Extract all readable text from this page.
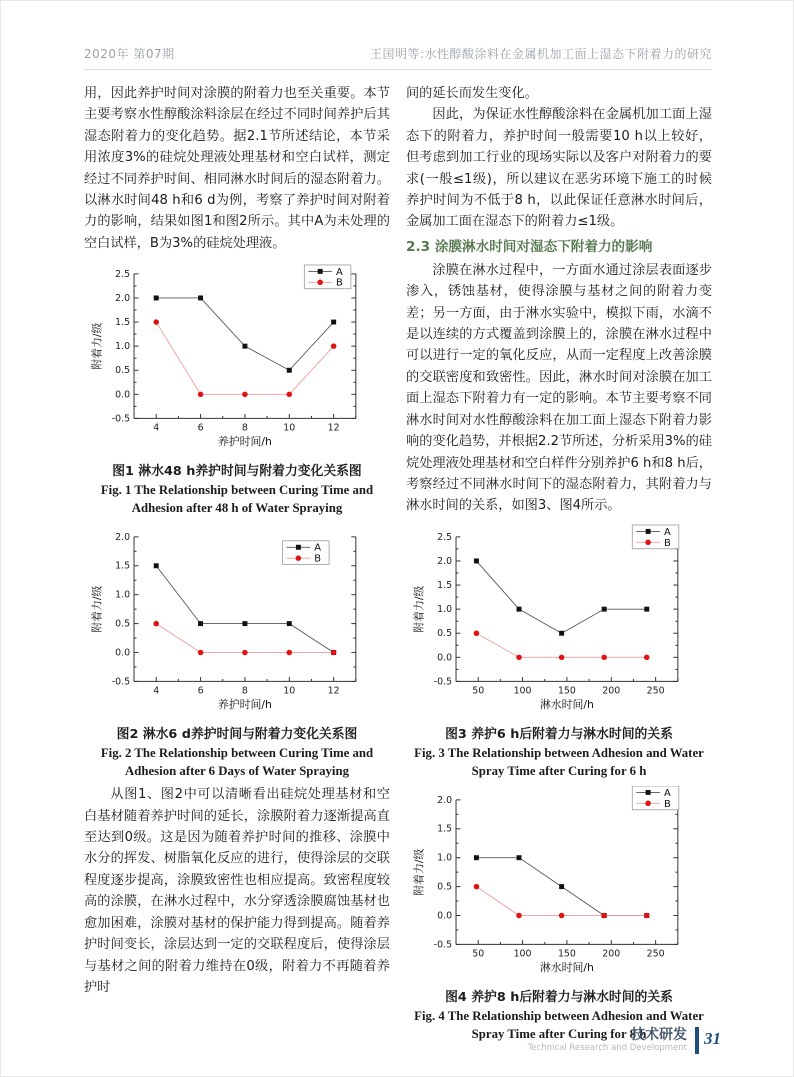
2020年 第07期	王国明等:水性醇酸涂料在金属机加工面上湿态下附着力的研究

用，因此养护时间对涂膜的附着力也至关重要。本节主要考察水性醇酸涂料涂层在经过不同时间养护后其湿态附着力的变化趋势。据2.1节所述结论，本节采用浓度3%的硅烷处理液处理基材和空白试样，测定经过不同养护时间、相同淋水时间后的湿态附着力。以淋水时间48 h和6 d为例，考察了养护时间对附着力的影响，结果如图1和图2所示。其中A为未处理的空白试样，B为3%的硅烷处理液。

-0.5
0.0
0.5
1.0
1.5
2.0
2.5
4	6	8	10	12
养护时间/h
附着力/级
A
B
图1 淋水48 h养护时间与附着力变化关系图
Fig. 1 The Relationship between Curing Time and
Adhesion after 48 h of Water Spraying
-0.5
0.0
0.5
1.0
1.5
2.0
4	6	8	10	12
养护时间/h
附着力/级
A
B
图2 淋水6 d养护时间与附着力变化关系图
Fig. 2 The Relationship between Curing Time and
Adhesion after 6 Days of Water Spraying

从图1、图2中可以清晰看出硅烷处理基材和空白基材随着养护时间的延长，涂膜附着力逐渐提高直至达到0级。这是因为随着养护时间的推移、涂膜中水分的挥发、树脂氧化反应的进行，使得涂层的交联程度逐步提高，涂膜致密性也相应提高。致密程度较高的涂膜，在淋水过程中，水分穿透涂膜腐蚀基材也愈加困难，涂膜对基材的保护能力得到提高。随着养护时间变长，涂层达到一定的交联程度后，使得涂层与基材之间的附着力维持在0级，附着力不再随着养护时

间的延长而发生变化。

因此，为保证水性醇酸涂料在金属机加工面上湿态下的附着力，养护时间一般需要10 h以上较好，但考虑到加工行业的现场实际以及客户对附着力的要求(一般≤1级)，所以建议在恶劣环境下施工的时候养护时间为不低于8 h，以此保证任意淋水时间后，金属加工面在湿态下的附着力≤1级。

2.3 涂膜淋水时间对湿态下附着力的影响

涂膜在淋水过程中，一方面水通过涂层表面逐步渗入，锈蚀基材，使得涂膜与基材之间的附着力变差；另一方面，由于淋水实验中，模拟下雨，水滴不是以连续的方式覆盖到涂膜上的，涂膜在淋水过程中可以进行一定的氧化反应，从而一定程度上改善涂膜的交联密度和致密性。因此，淋水时间对涂膜在加工面上湿态下附着力有一定的影响。本节主要考察不同淋水时间对水性醇酸涂料在加工面上湿态下附着力影响的变化趋势，并根据2.2节所述，分析采用3%的硅烷处理液处理基材和空白样件分别养护6 h和8 h后，考察经过不同淋水时间下的湿态附着力，其附着力与淋水时间的关系，如图3、图4所示。

-0.5
0.0
0.5
1.0
1.5
2.0
2.5
50	100	150	200	250
淋水时间/h
附着力/级
A
B
图3 养护6 h后附着力与淋水时间的关系
Fig. 3 The Relationship between Adhesion and Water
Spray Time after Curing for 6 h
-0.5
0.0
0.5
1.0
1.5
2.0
50	100	150	200	250
淋水时间/h
附着力/级
A
B
图4 养护8 h后附着力与淋水时间的关系
Fig. 4 The Relationship between Adhesion and Water
Spray Time after Curing for 8 h
技术研发
Technical Research and Development 31
